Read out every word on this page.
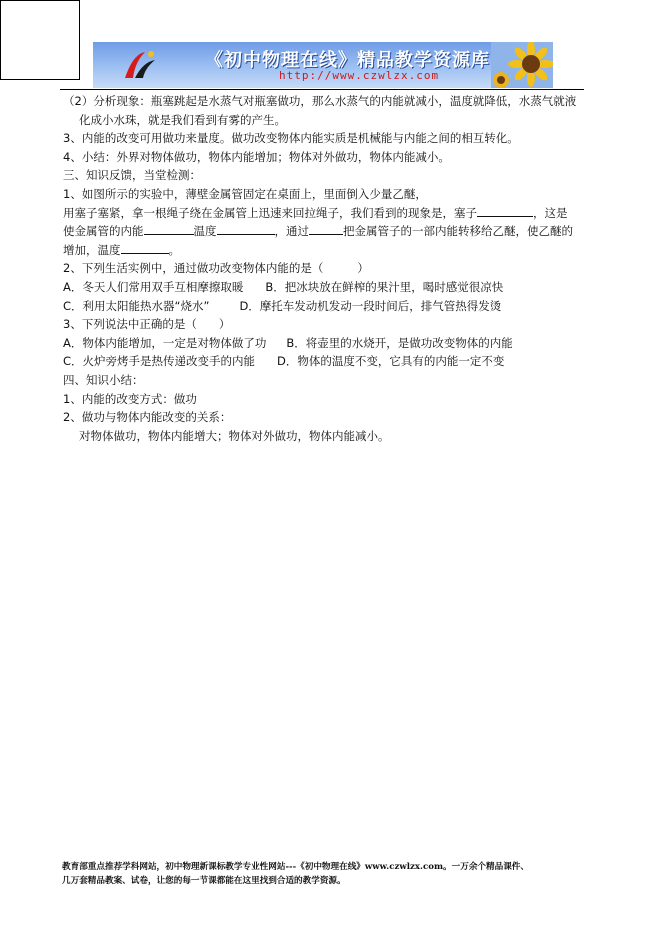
《初中物理在线》精品教学资源库
http://www.czwlzx.com
（2）分析现象：瓶塞跳起是水蒸气对瓶塞做功，那么水蒸气的内能就减小，温度就降低，水蒸气就液
化成小水珠，就是我们看到有雾的产生。
3、内能的改变可用做功来量度。做功改变物体内能实质是机械能与内能之间的相互转化。
4、小结：外界对物体做功，物体内能增加；物体对外做功，物体内能减小。
三、知识反馈，当堂检测：
1、如图所示的实验中，薄壁金属管固定在桌面上，里面倒入少量乙醚，
用塞子塞紧，拿一根绳子绕在金属管上迅速来回拉绳子，我们看到的现象是，塞子	，这是
使金属管的内能	温度	，通过	把金属管子的一部内能转移给乙醚，使乙醚的
增加，温度	。
2、下列生活实例中，通过做功改变物体内能的是（	）
A．冬天人们常用双手互相摩擦取暖 B．把冰块放在鲜榨的果汁里，喝时感觉很凉快
C．利用太阳能热水器“烧水”	D．摩托车发动机发动一段时间后，排气管热得发烫
3、下列说法中正确的是（ ）
A．物体内能增加，一定是对物体做了功 B．将壶里的水烧开，是做功改变物体的内能
C．火炉旁烤手是热传递改变手的内能 D．物体的温度不变，它具有的内能一定不变
四、知识小结：
1、内能的改变方式：做功
2、做功与物体内能改变的关系：
对物体做功，物体内能增大；物体对外做功，物体内能减小。
教育部重点推荐学科网站，初中物理新课标教学专业性网站---《初中物理在线》www.czwlzx.com。一万余个精品课件、
几万套精品教案、试卷，让您的每一节课都能在这里找到合适的教学资源。
